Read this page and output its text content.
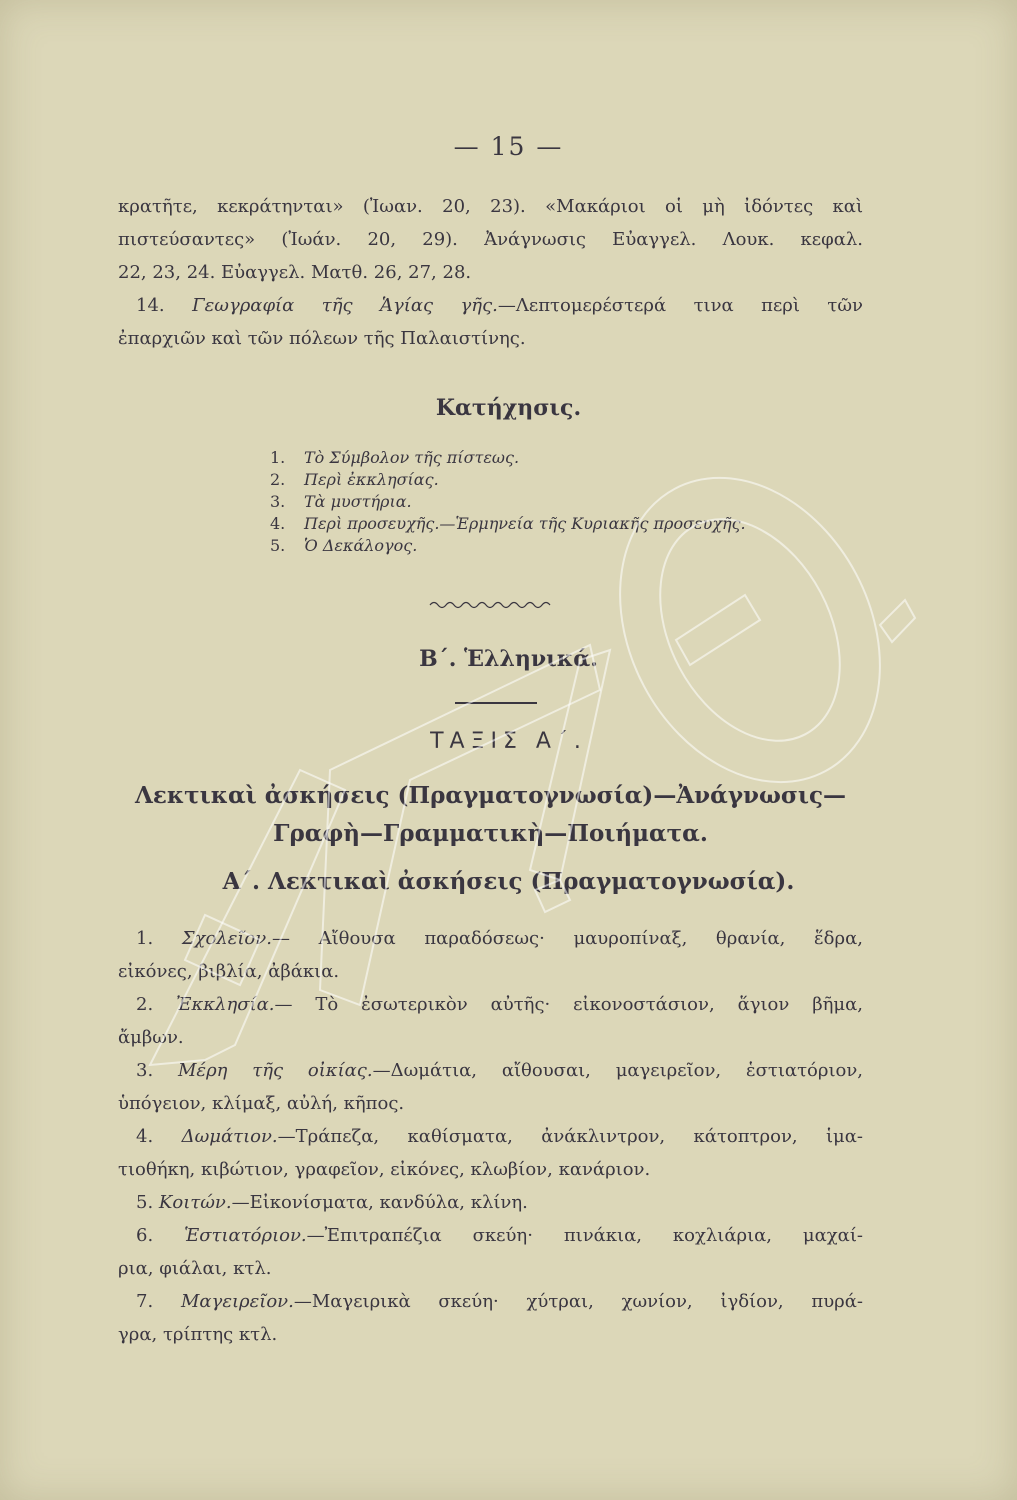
— 15 —

κρατῆτε, κεκράτηνται» (Ἰωαν. 20, 23). «Μακάριοι οἱ μὴ ἰδόντες καὶ

πιστεύσαντες» (Ἰωάν. 20, 29). Ἀνάγνωσις Εὐαγγελ. Λουκ. κεφαλ.

22, 23, 24. Εὐαγγελ. Ματθ. 26, 27, 28.

14. Γεωγραφία τῆς Ἁγίας γῆς.—Λεπτομερέστερά τινα περὶ τῶν

ἐπαρχιῶν καὶ τῶν πόλεων τῆς Παλαιστίνης.

Κατήχησις.
1. Τὸ Σύμβολον τῆς πίστεως.
2. Περὶ ἐκκλησίας.
3. Τὰ μυστήρια.
4. Περὶ προσευχῆς.—Ἑρμηνεία τῆς Κυριακῆς προσευχῆς.
5. Ὁ Δεκάλογος.
Β΄. Ἑλληνικά.
ΤΑΞΙΣ Α΄.
Λεκτικαὶ ἀσκήσεις (Πραγματογνωσία)—Ἀνάγνωσις—
Γραφὴ—Γραμματικὴ—Ποιήματα.
Α΄. Λεκτικαὶ ἀσκήσεις (Πραγματογνωσία).

1. Σχολεῖον.— Αἴθουσα παραδόσεως· μαυροπίναξ, θρανία, ἕδρα,

εἰκόνες, βιβλία, ἀβάκια.

2. Ἐκκλησία.— Τὸ ἐσωτερικὸν αὐτῆς· εἰκονοστάσιον, ἅγιον βῆμα,

ἄμβων.

3. Μέρη τῆς οἰκίας.—Δωμάτια, αἴθουσαι, μαγειρεῖον, ἑστιατόριον,

ὑπόγειον, κλίμαξ, αὐλή, κῆπος.

4. Δωμάτιον.—Τράπεζα, καθίσματα, ἀνάκλιντρον, κάτοπτρον, ἱμα-

τιοθήκη, κιβώτιον, γραφεῖον, εἰκόνες, κλωβίον, κανάριον.

5. Κοιτών.—Εἰκονίσματα, κανδύλα, κλίνη.

6. Ἑστιατόριον.—Ἐπιτραπέζια σκεύη· πινάκια, κοχλιάρια, μαχαί-

ρια, φιάλαι, κτλ.

7. Μαγειρεῖον.—Μαγειρικὰ σκεύη· χύτραι, χωνίον, ἰγδίον, πυρά-

γρα, τρίπτης κτλ.
